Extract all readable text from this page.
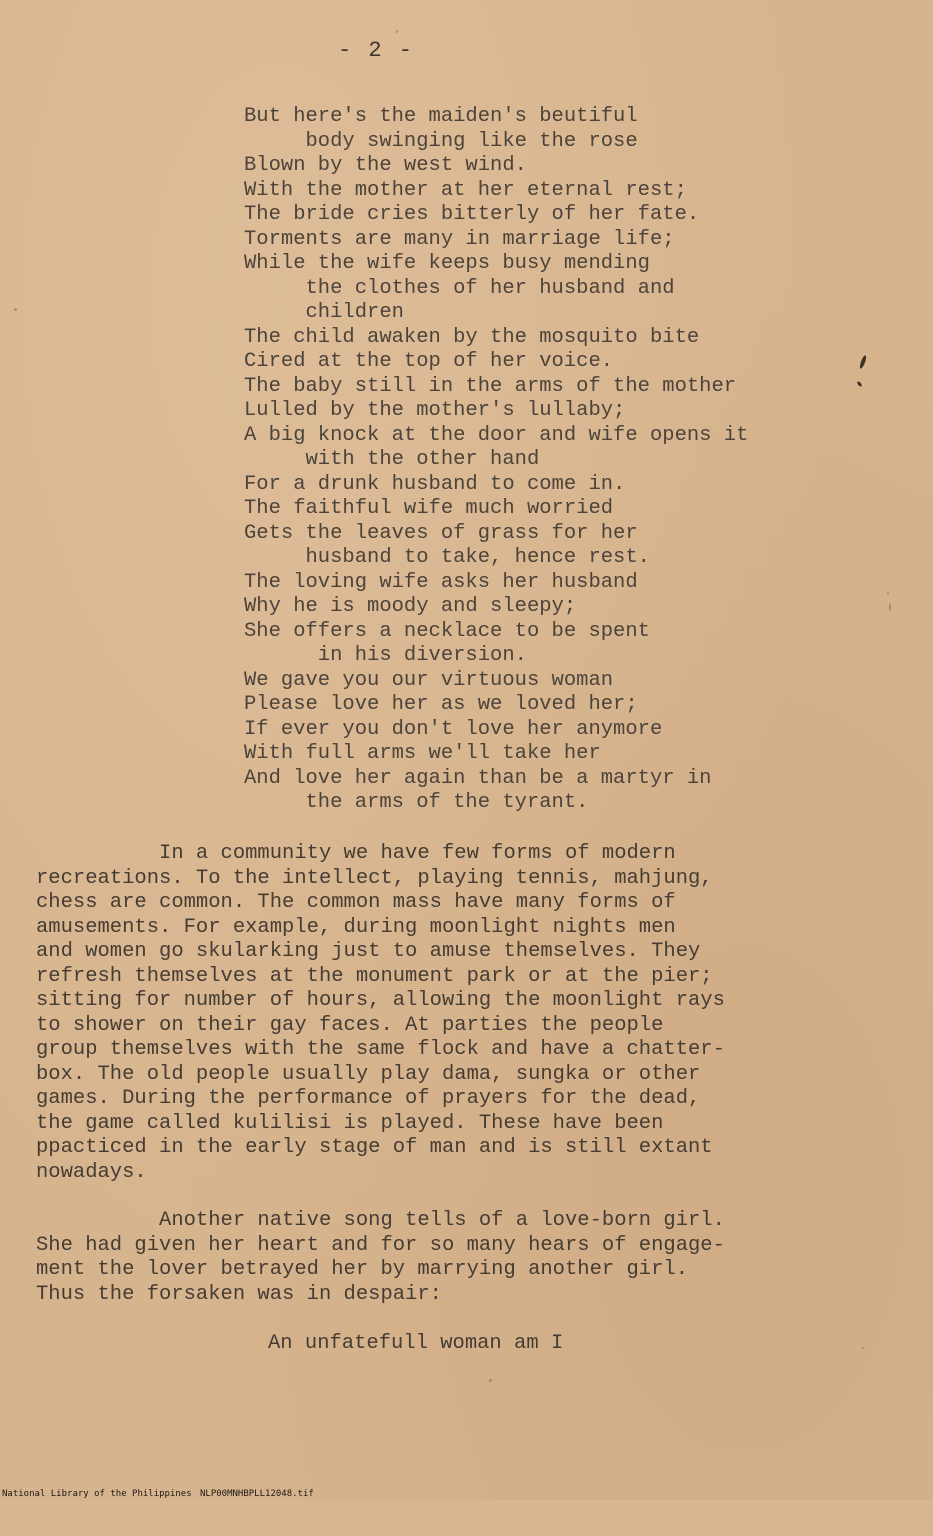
- 2 -
But here's the maiden's beutiful
body swinging like the rose
Blown by the west wind.
With the mother at her eternal rest;
The bride cries bitterly of her fate.
Torments are many in marriage life;
While the wife keeps busy mending
the clothes of her husband and
children
The child awaken by the mosquito bite
Cired at the top of her voice.
The baby still in the arms of the mother
Lulled by the mother's lullaby;
A big knock at the door and wife opens it
with the other hand
For a drunk husband to come in.
The faithful wife much worried
Gets the leaves of grass for her
husband to take, hence rest.
The loving wife asks her husband
Why he is moody and sleepy;
She offers a necklace to be spent
in his diversion.
We gave you our virtuous woman
Please love her as we loved her;
If ever you don't love her anymore
With full arms we'll take her
And love her again than be a martyr in
the arms of the tyrant.
In a community we have few forms of modern
recreations. To the intellect, playing tennis, mahjung,
chess are common. The common mass have many forms of
amusements. For example, during moonlight nights men
and women go skularking just to amuse themselves. They
refresh themselves at the monument park or at the pier;
sitting for number of hours, allowing the moonlight rays
to shower on their gay faces. At parties the people
group themselves with the same flock and have a chatter-
box. The old people usually play dama, sungka or other
games. During the performance of prayers for the dead,
the game called kulilisi is played. These have been
ppacticed in the early stage of man and is still extant
nowadays.
Another native song tells of a love-born girl.
She had given her heart and for so many hears of engage-
ment the lover betrayed her by marrying another girl.
Thus the forsaken was in despair:
An unfatefull woman am I

National Library of the Philippines

NLP00MNHBPLL12048.tif
